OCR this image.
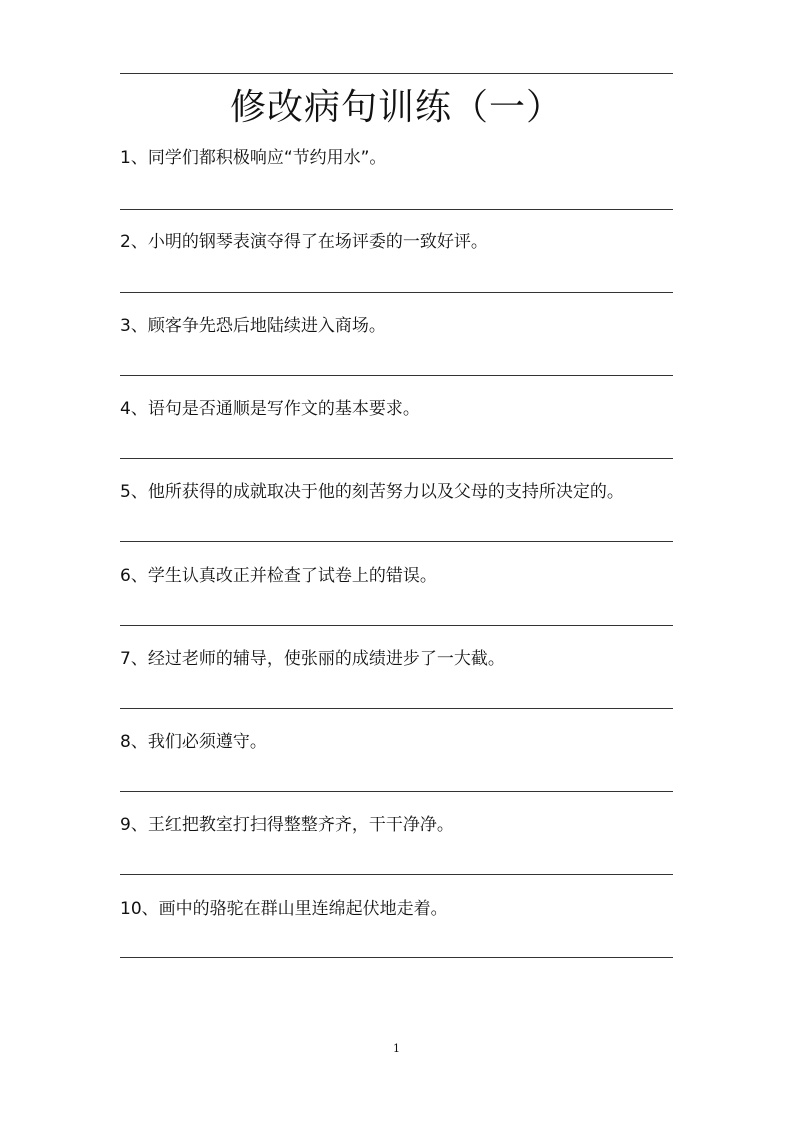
修改病句训练（一）
1、同学们都积极响应“节约用水”。
2、小明的钢琴表演夺得了在场评委的一致好评。
3、顾客争先恐后地陆续进入商场。
4、语句是否通顺是写作文的基本要求。
5、他所获得的成就取决于他的刻苦努力以及父母的支持所决定的。
6、学生认真改正并检查了试卷上的错误。
7、经过老师的辅导，使张丽的成绩进步了一大截。
8、我们必须遵守。
9、王红把教室打扫得整整齐齐，干干净净。
10、画中的骆驼在群山里连绵起伏地走着。
1
